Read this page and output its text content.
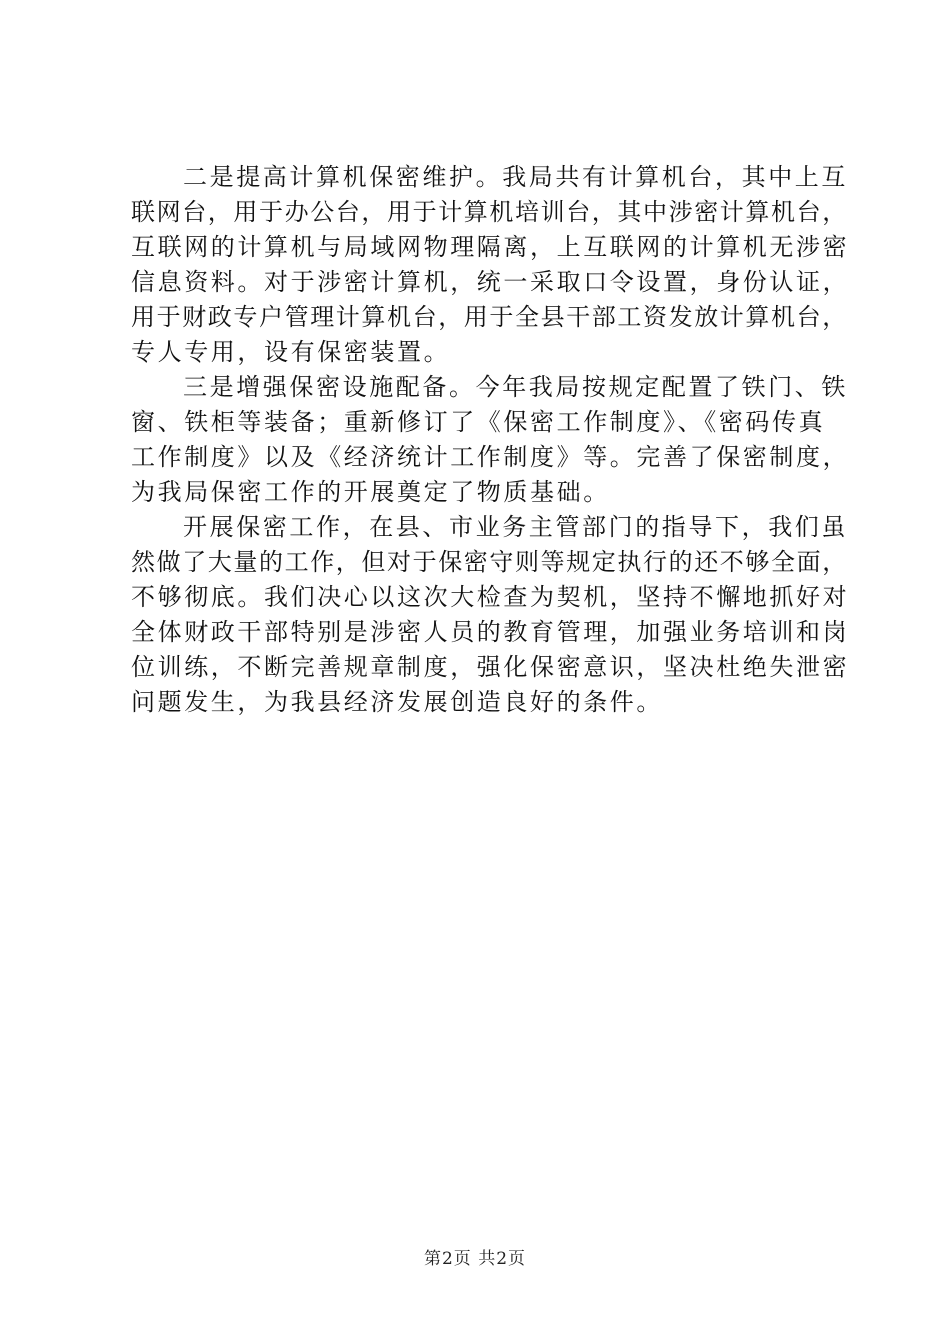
二是提高计算机保密维护。我局共有计算机台，其中上互
联网台，用于办公台，用于计算机培训台，其中涉密计算机台，
互联网的计算机与局域网物理隔离，上互联网的计算机无涉密
信息资料。对于涉密计算机，统一采取口令设置，身份认证，
用于财政专户管理计算机台，用于全县干部工资发放计算机台，
专人专用，设有保密装置。
三是增强保密设施配备。今年我局按规定配置了铁门、铁
窗、铁柜等装备；重新修订了《保密工作制度》、《密码传真
工作制度》以及《经济统计工作制度》等。完善了保密制度，
为我局保密工作的开展奠定了物质基础。
开展保密工作，在县、市业务主管部门的指导下，我们虽
然做了大量的工作，但对于保密守则等规定执行的还不够全面，
不够彻底。我们决心以这次大检查为契机，坚持不懈地抓好对
全体财政干部特别是涉密人员的教育管理，加强业务培训和岗
位训练，不断完善规章制度，强化保密意识，坚决杜绝失泄密
问题发生，为我县经济发展创造良好的条件。
第2页 共2页
